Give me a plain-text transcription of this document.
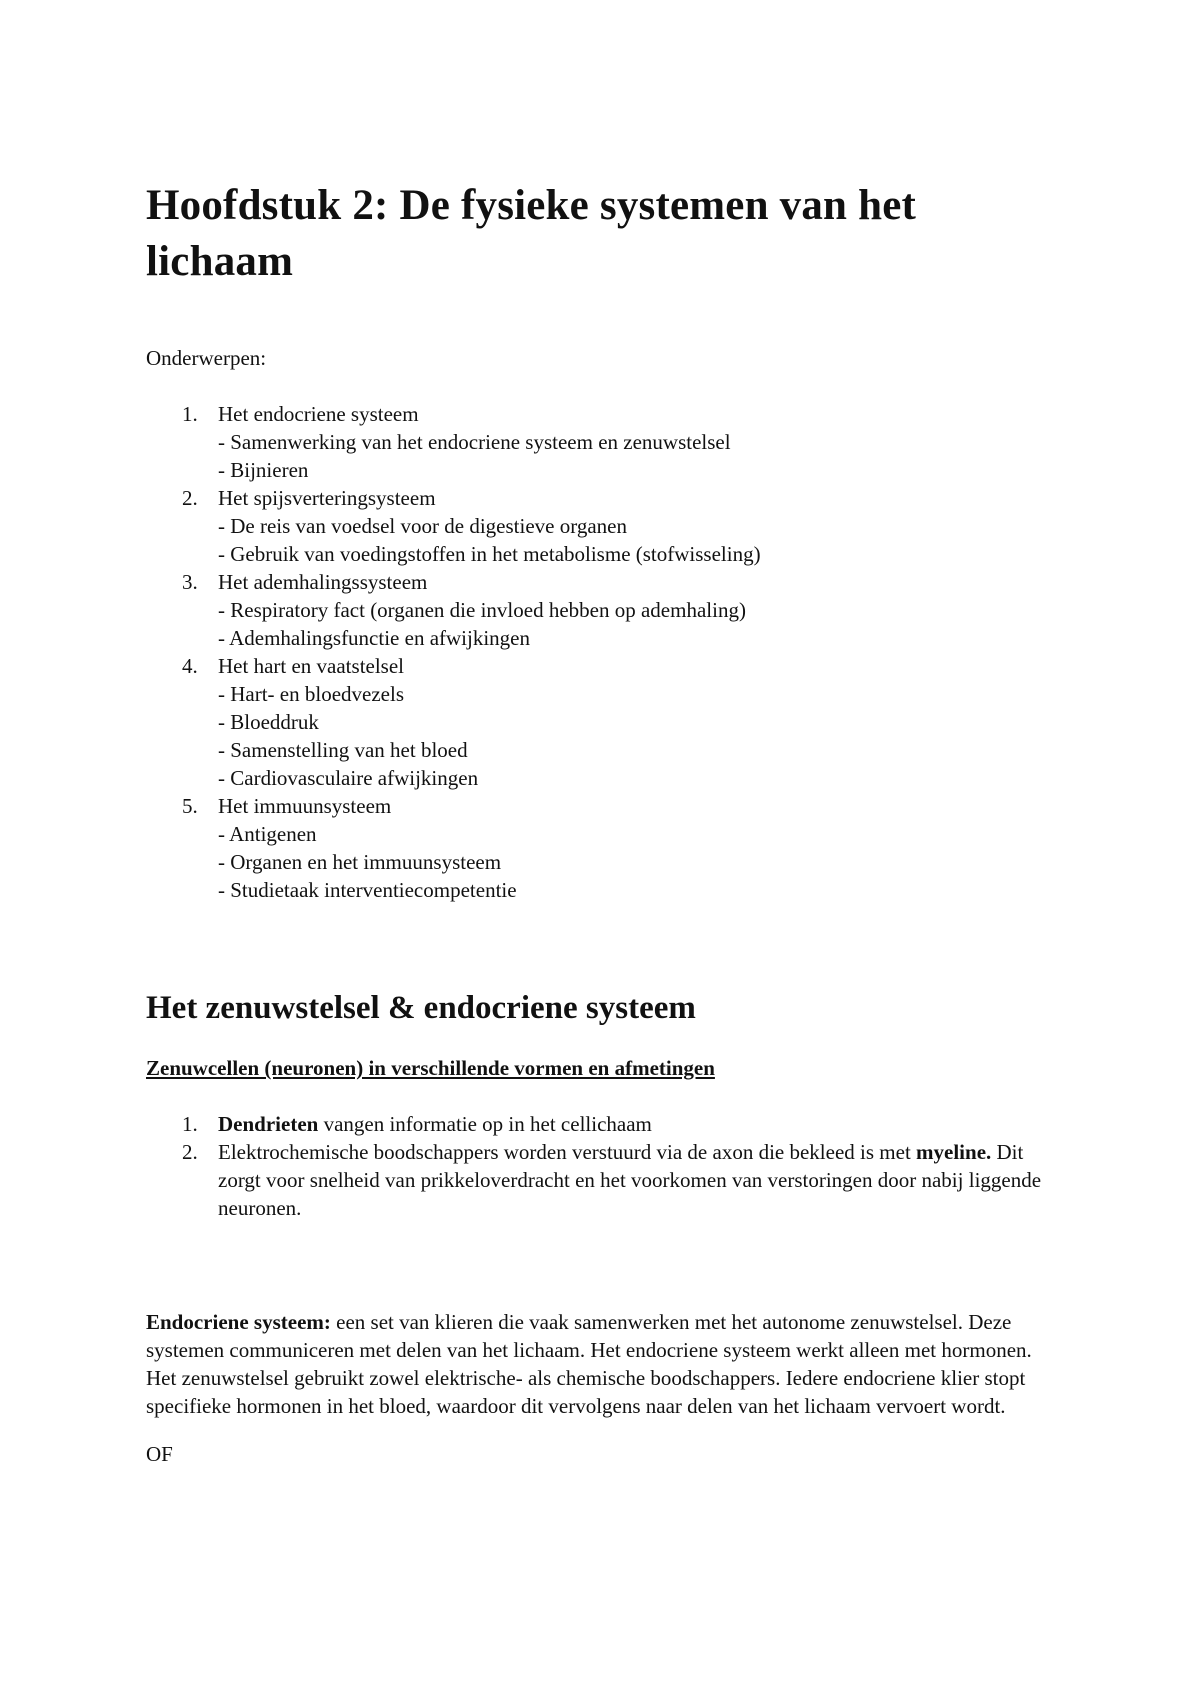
Hoofdstuk 2: De fysieke systemen van het lichaam

Onderwerpen:

1. Het endocriene systeem
- Samenwerking van het endocriene systeem en zenuwstelsel
- Bijnieren
2. Het spijsverteringsysteem
- De reis van voedsel voor de digestieve organen
- Gebruik van voedingstoffen in het metabolisme (stofwisseling)
3. Het ademhalingssysteem
- Respiratory fact (organen die invloed hebben op ademhaling)
- Ademhalingsfunctie en afwijkingen
4. Het hart en vaatstelsel
- Hart- en bloedvezels
- Bloeddruk
- Samenstelling van het bloed
- Cardiovasculaire afwijkingen
5. Het immuunsysteem
- Antigenen
- Organen en het immuunsysteem
- Studietaak interventiecompetentie
Het zenuwstelsel & endocriene systeem

Zenuwcellen (neuronen) in verschillende vormen en afmetingen

1. Dendrieten vangen informatie op in het cellichaam
2. Elektrochemische boodschappers worden verstuurd via de axon die bekleed is met myeline. Dit zorgt voor snelheid van prikkeloverdracht en het voorkomen van verstoringen door nabij liggende neuronen.

Endocriene systeem: een set van klieren die vaak samenwerken met het autonome zenuwstelsel. Deze systemen communiceren met delen van het lichaam. Het endocriene systeem werkt alleen met hormonen. Het zenuwstelsel gebruikt zowel elektrische- als chemische boodschappers. Iedere endocriene klier stopt specifieke hormonen in het bloed, waardoor dit vervolgens naar delen van het lichaam vervoert wordt.

OF
